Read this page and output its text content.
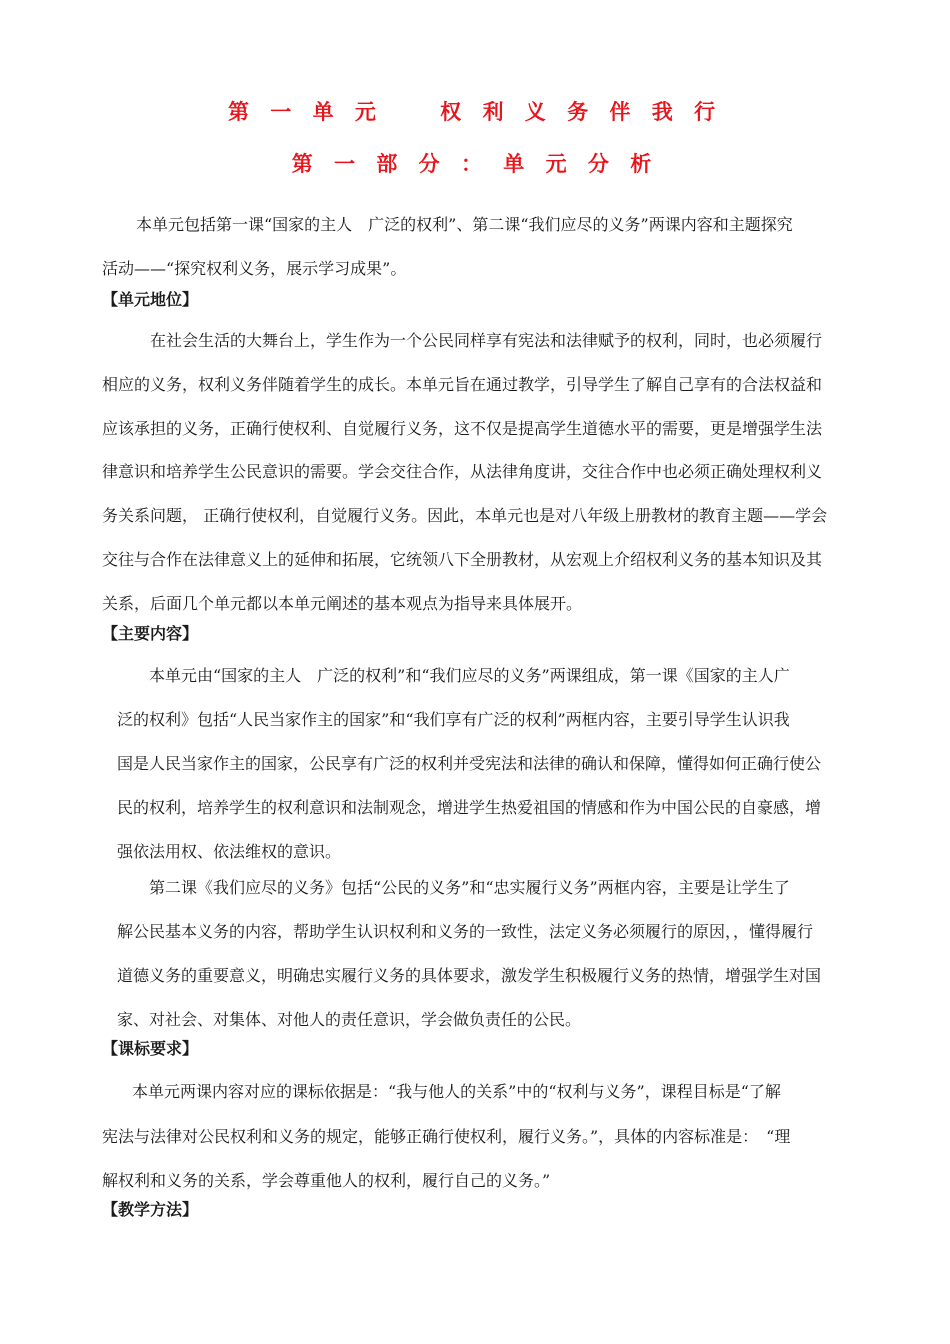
第 一 单 元    权 利 义 务 伴 我 行
第 一 部 分 ： 单 元 分 析
本单元包括第一课“国家的主人　广泛的权利”、第二课“我们应尽的义务”两课内容和主题探究
活动——“探究权利义务，展示学习成果”。
【单元地位】
在社会生活的大舞台上，学生作为一个公民同样享有宪法和法律赋予的权利，同时，也必须履行
相应的义务，权利义务伴随着学生的成长。本单元旨在通过教学，引导学生了解自己享有的合法权益和
应该承担的义务，正确行使权利、自觉履行义务，这不仅是提高学生道德水平的需要，更是增强学生法
律意识和培养学生公民意识的需要。学会交往合作，从法律角度讲，交往合作中也必须正确处理权利义
务关系问题， 正确行使权利，自觉履行义务。因此，本单元也是对八年级上册教材的教育主题——学会
交往与合作在法律意义上的延伸和拓展，它统领八下全册教材，从宏观上介绍权利义务的基本知识及其
关系，后面几个单元都以本单元阐述的基本观点为指导来具体展开。
【主要内容】
本单元由“国家的主人　广泛的权利”和“我们应尽的义务”两课组成，第一课《国家的主人广
泛的权利》包括“人民当家作主的国家”和“我们享有广泛的权利”两框内容，主要引导学生认识我
国是人民当家作主的国家，公民享有广泛的权利并受宪法和法律的确认和保障，懂得如何正确行使公
民的权利，培养学生的权利意识和法制观念，增进学生热爱祖国的情感和作为中国公民的自豪感，增
强依法用权、依法维权的意识。
第二课《我们应尽的义务》包括“公民的义务”和“忠实履行义务”两框内容，主要是让学生了
解公民基本义务的内容，帮助学生认识权利和义务的一致性，法定义务必须履行的原因，，懂得履行
道德义务的重要意义，明确忠实履行义务的具体要求，激发学生积极履行义务的热情，增强学生对国
家、对社会、对集体、对他人的责任意识，学会做负责任的公民。
【课标要求】
本单元两课内容对应的课标依据是：“我与他人的关系”中的“权利与义务”，课程目标是“了解
宪法与法律对公民权利和义务的规定，能够正确行使权利，履行义务。”，具体的内容标准是：　“理
解权利和义务的关系，学会尊重他人的权利，履行自己的义务。”
【教学方法】
